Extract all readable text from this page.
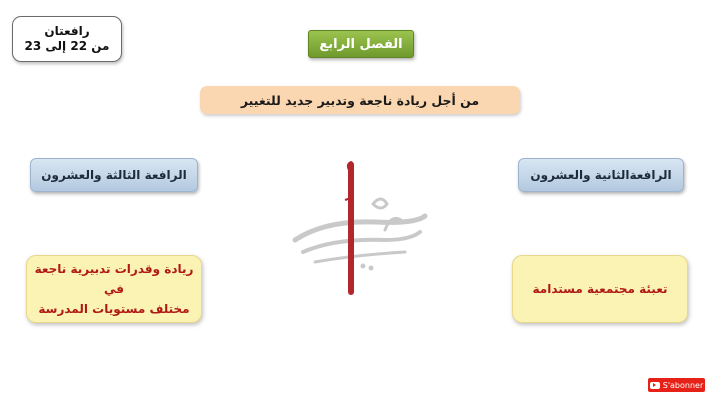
رافعتان
من 22 إلى 23	الفصل الرابع
من أجل ريادة ناجعة وتدبير جديد للتغيير
الرافعة الثالثة والعشرون	الرافعةالثانية والعشرون
ريادة وقدرات تدبيرية ناجعة في
مختلف مستويات المدرسة
تعبئة مجتمعية مستدامة
S'abonner
